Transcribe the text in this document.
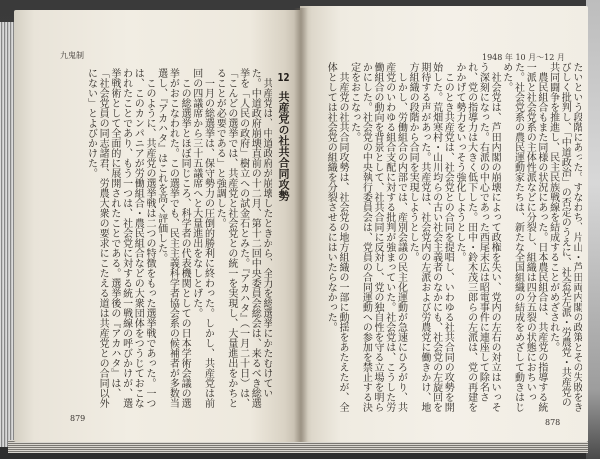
九鬼制
12共産党の社共合同攻勢

　共産党は、中道政府が崩壊したときから、全力を総選挙にかたむけていた。中道政府崩壊直前の十二月、第十二回中央委員会総会は、来るべき総選挙を「人民の政府」樹立への試金石とみた。『アカハタ』（一月二十日）は、「こんどの選挙では、共産党と社会党との統一を実現し、大量進出をかちとることが必要である」と強調した。

　一月の総選挙は、保守勢力の圧倒的勝利に終わった。しかし、共産党は前回の四議席から三十五議席へと大量進出をなしとげた。

　この総選挙とほぼ同じころ、科学者の代表機関としての日本学術会議の選挙がおこなわれた。この選挙でも、民主主義科学者協会系の候補者が多数当選し、『アカハタ』はこれを高く評価した。

　このように、共産党の選挙戦は二つの特徴をもった選挙戦であった。一つは、このカンパニアが労働組合・農民組合などの大衆団体をつうじておこなわれたことであり、もう一つは、社会党に対する統一戦線の呼びかけが、選挙戦術として全面的に展開されたことである。選挙後の『アカハタ』は、「社会党員の同志諸君、労農大衆の要求にこたえる道は共産党との合同以外にない」とよびかけた。

879
1948 年 10 月～12 月

たいという段階にあった。すなわち、片山・芦田両内閣の政策とその失敗をきびしく批判し、「中道政治」の否定のうえに、社会党左派・労農党・共産党の共同闘争を推進し、民主民族戦線を結成することがめざされた。

　農民組合もまた同様の状況にあった。日本農民組合は、共産党の指導する統一派と社会党系の主体性派などに分裂し、組織は四分五裂の状態におちいった。社会党系の農民運動家たちは、新たな全国組織の結成をめざして動きはじめた。

　社会党は、芦田内閣の崩壊によって政権を失い、党内の左右の対立はいっそう深刻になった。右派の中心であった西尾末広は昭電事件に連座して除名され、党の指導力は大きく低下した。田中・鈴木茂三郎らの左派は、党の再建をかかげて勢力をいっそう強化しようとした。

　このとき共産党は、社会党との合同を提唱し、いわゆる社共合同の攻勢を開始した。荒畑寒村・山川均らの古い社会主義者のなかにも、社会党の左旋回を期待する声があった。共産党は、社会党内の左派および労農党に働きかけ、地方組織の段階から合同を実現しようとした。

　しかし、労働組合の内部では、産別会議の民主化運動が急速にひろがり、共産党のいわゆる組合支配に対する批判が強まっていた。社会党は、こうした労働組合の動向を背景として、社共合同に反対し、党の独自性を守る立場を明らかにした。社会党の中央執行委員会は、党員の合同運動への参加を禁止する決定をおこなった。

　共産党の社共合同攻勢は、社会党の地方組織の一部に動揺をあたえたが、全体としては社会党の組織を分裂させるにはいたらなかった。

878
